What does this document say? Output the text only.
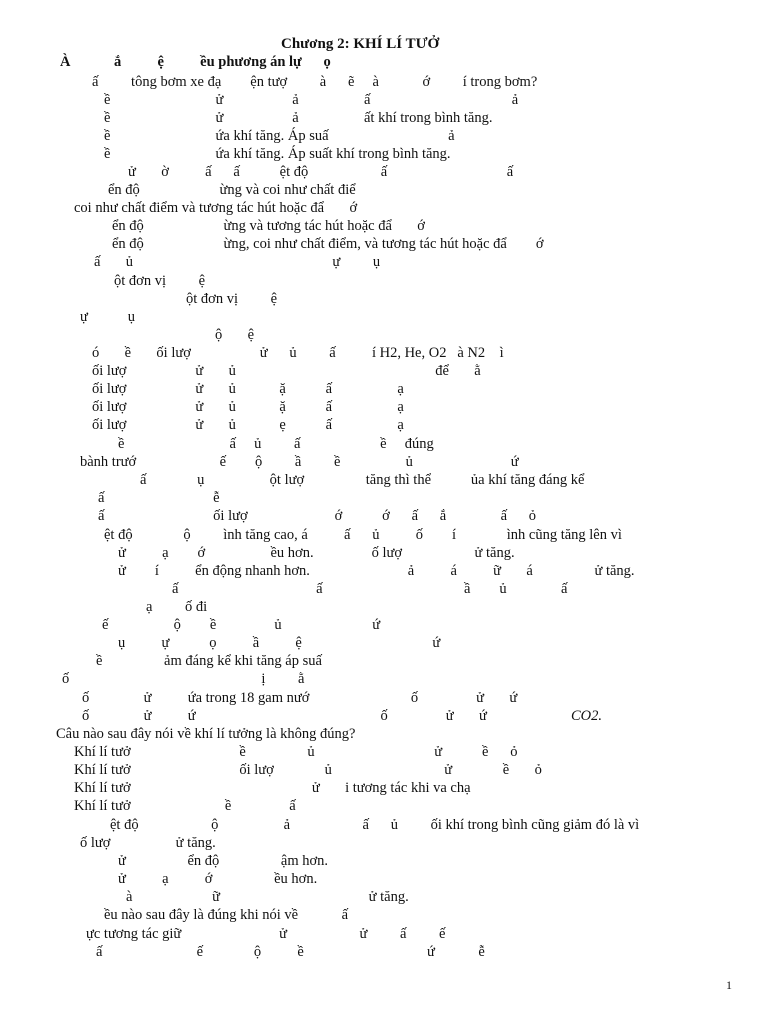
Chương 2: KHÍ LÍ TƯỞ
À            ắ          ệ          ều phương án lự      ọ
ấ         tông bơm xe đạ        ện tượ         à      ẽ     à            ớ         í trong bơm?
ề                             ử                   ả                  ấ                                       ả
ề                             ử                   ả                  ất khí trong bình tăng.
ề                             ứa khí tăng. Áp suấ                                 ả
ề                             ứa khí tăng. Áp suất khí trong bình tăng.
ử       ờ          ấ      ấ           ệt độ                    ấ                                 ấ
ển độ                      ừng và coi như chất điể
coi như chất điểm và tương tác hút hoặc đẩ       ớ
ển độ                      ừng và tương tác hút hoặc đẩ       ớ
ển độ                      ừng, coi như chất điểm, và tương tác hút hoặc đẩ        ớ
ấ       ủ                                                       ự         ụ
ột đơn vị         ệ
ột đơn vị         ệ
ự           ụ
ộ       ệ
ó       ề       ối lượ                   ử      ủ         ấ          í H2, He, O2   à N2    ì
ối lượ                   ử       ủ                                                       để       ằ
ối lượ                   ử       ủ            ặ           ấ                  ạ
ối lượ                   ử       ủ            ặ           ấ                  ạ
ối lượ                   ử       ủ            ẹ           ấ                  ạ
ề                             ấ     ủ         ấ                      ề     đúng
bành trướ                       ế        ộ         ầ         ề                  ủ                           ứ
ấ              ụ                  ột lượ                 tăng thì thể           ủa khí tăng đáng kể
ấ                              ễ
ấ                              ối lượ                        ớ           ớ      ấ      ắ               ấ      ỏ
ệt độ              ộ         ình tăng cao, á          ấ      ủ          ố        í              ình cũng tăng lên vì
ử          ạ        ớ                  ều hơn.                ố lượ                    ử tăng.
ử        í          ển động nhanh hơn.                           ả          á          ữ       á                 ử tăng.
ấ                                      ấ                                       ầ        ủ               ấ
ạ         ố đi
ế                  ộ        ề                ủ                         ứ
ụ          ự           ọ          ầ          ệ                                    ứ
ề                 ảm đáng kể khi tăng áp suấ
ố                                                     ị         ằ
ố               ử          ứa trong 18 gam nướ                            ố                ử       ứ
ố               ử          ứ                                                   ố                ử       ứ	CO2.
Câu nào sau đây nói về khí lí tưởng là không đúng?
Khí lí tưở                              ề                 ủ                                 ử           ề      ỏ
Khí lí tưở                              ối lượ              ủ                               ử              ề       ỏ
Khí lí tưở                                                  ử       i tương tác khi va chạ
Khí lí tưở                          ề                ấ
ệt độ                    ộ                  ả                    ấ      ủ         ối khí trong bình cũng giảm đó là vì
ố lượ                  ử tăng.
ử                 ển độ                 ậm hơn.
ử          ạ          ớ                 ều hơn.
à                      ữ                                         ử tăng.
ều nào sau đây là đúng khi nói về            ấ
ực tương tác giữ                           ử                    ử         ấ         ế
ấ                          ế              ộ          ề                                  ứ            ễ
1
